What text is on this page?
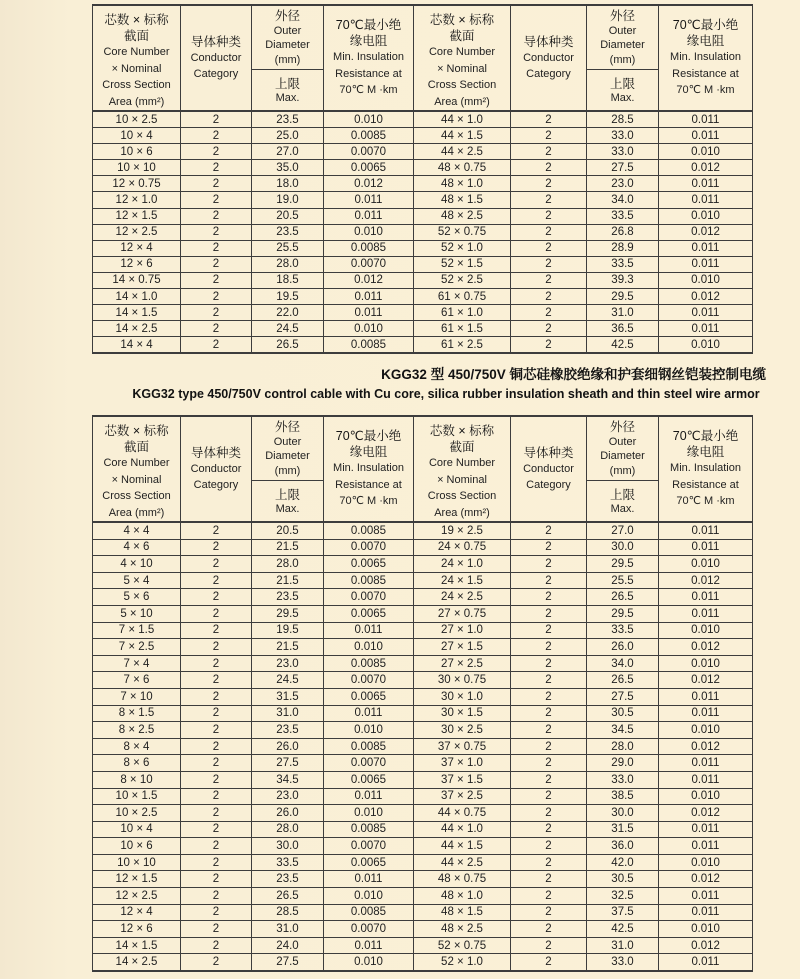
芯数 × 标称
截面
Core Number
× Nominal
Cross Section
Area (mm²)

导体种类
Conductor
Category

外径
Outer
Diameter
(mm)
上限
Max.

70℃最小绝
缘电阻
Min. Insulation
Resistance at
70℃ M ·km

芯数 × 标称
截面
Core Number
× Nominal
Cross Section
Area (mm²)

导体种类
Conductor
Category

外径
Outer
Diameter
(mm)
上限
Max.

70℃最小绝
缘电阻
Min. Insulation
Resistance at
70℃ M ·km

10 × 2.5	2	23.5	0.010	44 × 1.0	2	28.5	0.011
10 × 4	2	25.0	0.0085	44 × 1.5	2	33.0	0.011
10 × 6	2	27.0	0.0070	44 × 2.5	2	33.0	0.010
10 × 10	2	35.0	0.0065	48 × 0.75	2	27.5	0.012
12 × 0.75	2	18.0	0.012	48 × 1.0	2	23.0	0.011
12 × 1.0	2	19.0	0.011	48 × 1.5	2	34.0	0.011
12 × 1.5	2	20.5	0.011	48 × 2.5	2	33.5	0.010
12 × 2.5	2	23.5	0.010	52 × 0.75	2	26.8	0.012
12 × 4	2	25.5	0.0085	52 × 1.0	2	28.9	0.011
12 × 6	2	28.0	0.0070	52 × 1.5	2	33.5	0.011
14 × 0.75	2	18.5	0.012	52 × 2.5	2	39.3	0.010
14 × 1.0	2	19.5	0.011	61 × 0.75	2	29.5	0.012
14 × 1.5	2	22.0	0.011	61 × 1.0	2	31.0	0.011
14 × 2.5	2	24.5	0.010	61 × 1.5	2	36.5	0.011
14 × 4	2	26.5	0.0085	61 × 2.5	2	42.5	0.010
KGG32 型 450/750V 铜芯硅橡胶绝缘和护套细钢丝铠装控制电缆
KGG32 type 450/750V control cable with Cu core, silica rubber insulation sheath and thin steel wire armor
芯数 × 标称
截面
Core Number
× Nominal
Cross Section
Area (mm²)

导体种类
Conductor
Category

外径
Outer
Diameter
(mm)
上限
Max.

70℃最小绝
缘电阻
Min. Insulation
Resistance at
70℃ M ·km

芯数 × 标称
截面
Core Number
× Nominal
Cross Section
Area (mm²)

导体种类
Conductor
Category

外径
Outer
Diameter
(mm)
上限
Max.

70℃最小绝
缘电阻
Min. Insulation
Resistance at
70℃ M ·km

4 × 4	2	20.5	0.0085	19 × 2.5	2	27.0	0.011
4 × 6	2	21.5	0.0070	24 × 0.75	2	30.0	0.011
4 × 10	2	28.0	0.0065	24 × 1.0	2	29.5	0.010
5 × 4	2	21.5	0.0085	24 × 1.5	2	25.5	0.012
5 × 6	2	23.5	0.0070	24 × 2.5	2	26.5	0.011
5 × 10	2	29.5	0.0065	27 × 0.75	2	29.5	0.011
7 × 1.5	2	19.5	0.011	27 × 1.0	2	33.5	0.010
7 × 2.5	2	21.5	0.010	27 × 1.5	2	26.0	0.012
7 × 4	2	23.0	0.0085	27 × 2.5	2	34.0	0.010
7 × 6	2	24.5	0.0070	30 × 0.75	2	26.5	0.012
7 × 10	2	31.5	0.0065	30 × 1.0	2	27.5	0.011
8 × 1.5	2	31.0	0.011	30 × 1.5	2	30.5	0.011
8 × 2.5	2	23.5	0.010	30 × 2.5	2	34.5	0.010
8 × 4	2	26.0	0.0085	37 × 0.75	2	28.0	0.012
8 × 6	2	27.5	0.0070	37 × 1.0	2	29.0	0.011
8 × 10	2	34.5	0.0065	37 × 1.5	2	33.0	0.011
10 × 1.5	2	23.0	0.011	37 × 2.5	2	38.5	0.010
10 × 2.5	2	26.0	0.010	44 × 0.75	2	30.0	0.012
10 × 4	2	28.0	0.0085	44 × 1.0	2	31.5	0.011
10 × 6	2	30.0	0.0070	44 × 1.5	2	36.0	0.011
10 × 10	2	33.5	0.0065	44 × 2.5	2	42.0	0.010
12 × 1.5	2	23.5	0.011	48 × 0.75	2	30.5	0.012
12 × 2.5	2	26.5	0.010	48 × 1.0	2	32.5	0.011
12 × 4	2	28.5	0.0085	48 × 1.5	2	37.5	0.011
12 × 6	2	31.0	0.0070	48 × 2.5	2	42.5	0.010
14 × 1.5	2	24.0	0.011	52 × 0.75	2	31.0	0.012
14 × 2.5	2	27.5	0.010	52 × 1.0	2	33.0	0.011
